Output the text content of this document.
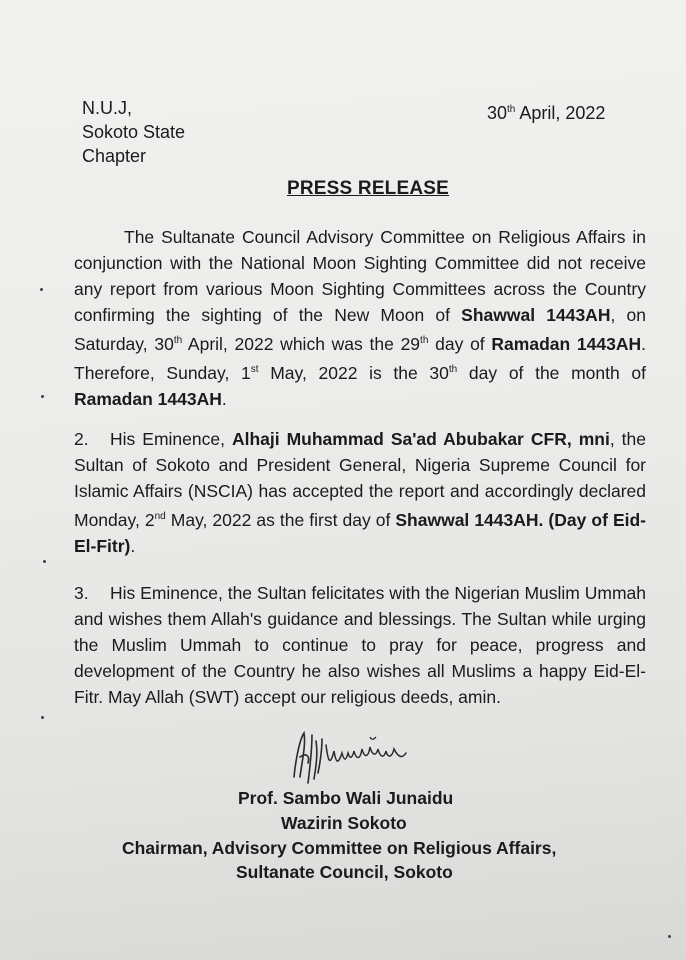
N.U.J,
Sokoto State
Chapter
30th April, 2022
PRESS RELEASE
The Sultanate Council Advisory Committee on Religious Affairs in conjunction with the National Moon Sighting Committee did not receive any report from various Moon Sighting Committees across the Country confirming the sighting of the New Moon of Shawwal 1443AH, on Saturday, 30th April, 2022 which was the 29th day of Ramadan 1443AH. Therefore, Sunday, 1st May, 2022 is the 30th day of the month of Ramadan 1443AH.
2. His Eminence, Alhaji Muhammad Sa'ad Abubakar CFR, mni, the Sultan of Sokoto and President General, Nigeria Supreme Council for Islamic Affairs (NSCIA) has accepted the report and accordingly declared Monday, 2nd May, 2022 as the first day of Shawwal 1443AH. (Day of Eid-El-Fitr).
3. His Eminence, the Sultan felicitates with the Nigerian Muslim Ummah and wishes them Allah's guidance and blessings. The Sultan while urging the Muslim Ummah to continue to pray for peace, progress and development of the Country he also wishes all Muslims a happy Eid-El-Fitr. May Allah (SWT) accept our religious deeds, amin.
Prof. Sambo Wali Junaidu
Wazirin Sokoto
Chairman, Advisory Committee on Religious Affairs,
Sultanate Council, Sokoto
